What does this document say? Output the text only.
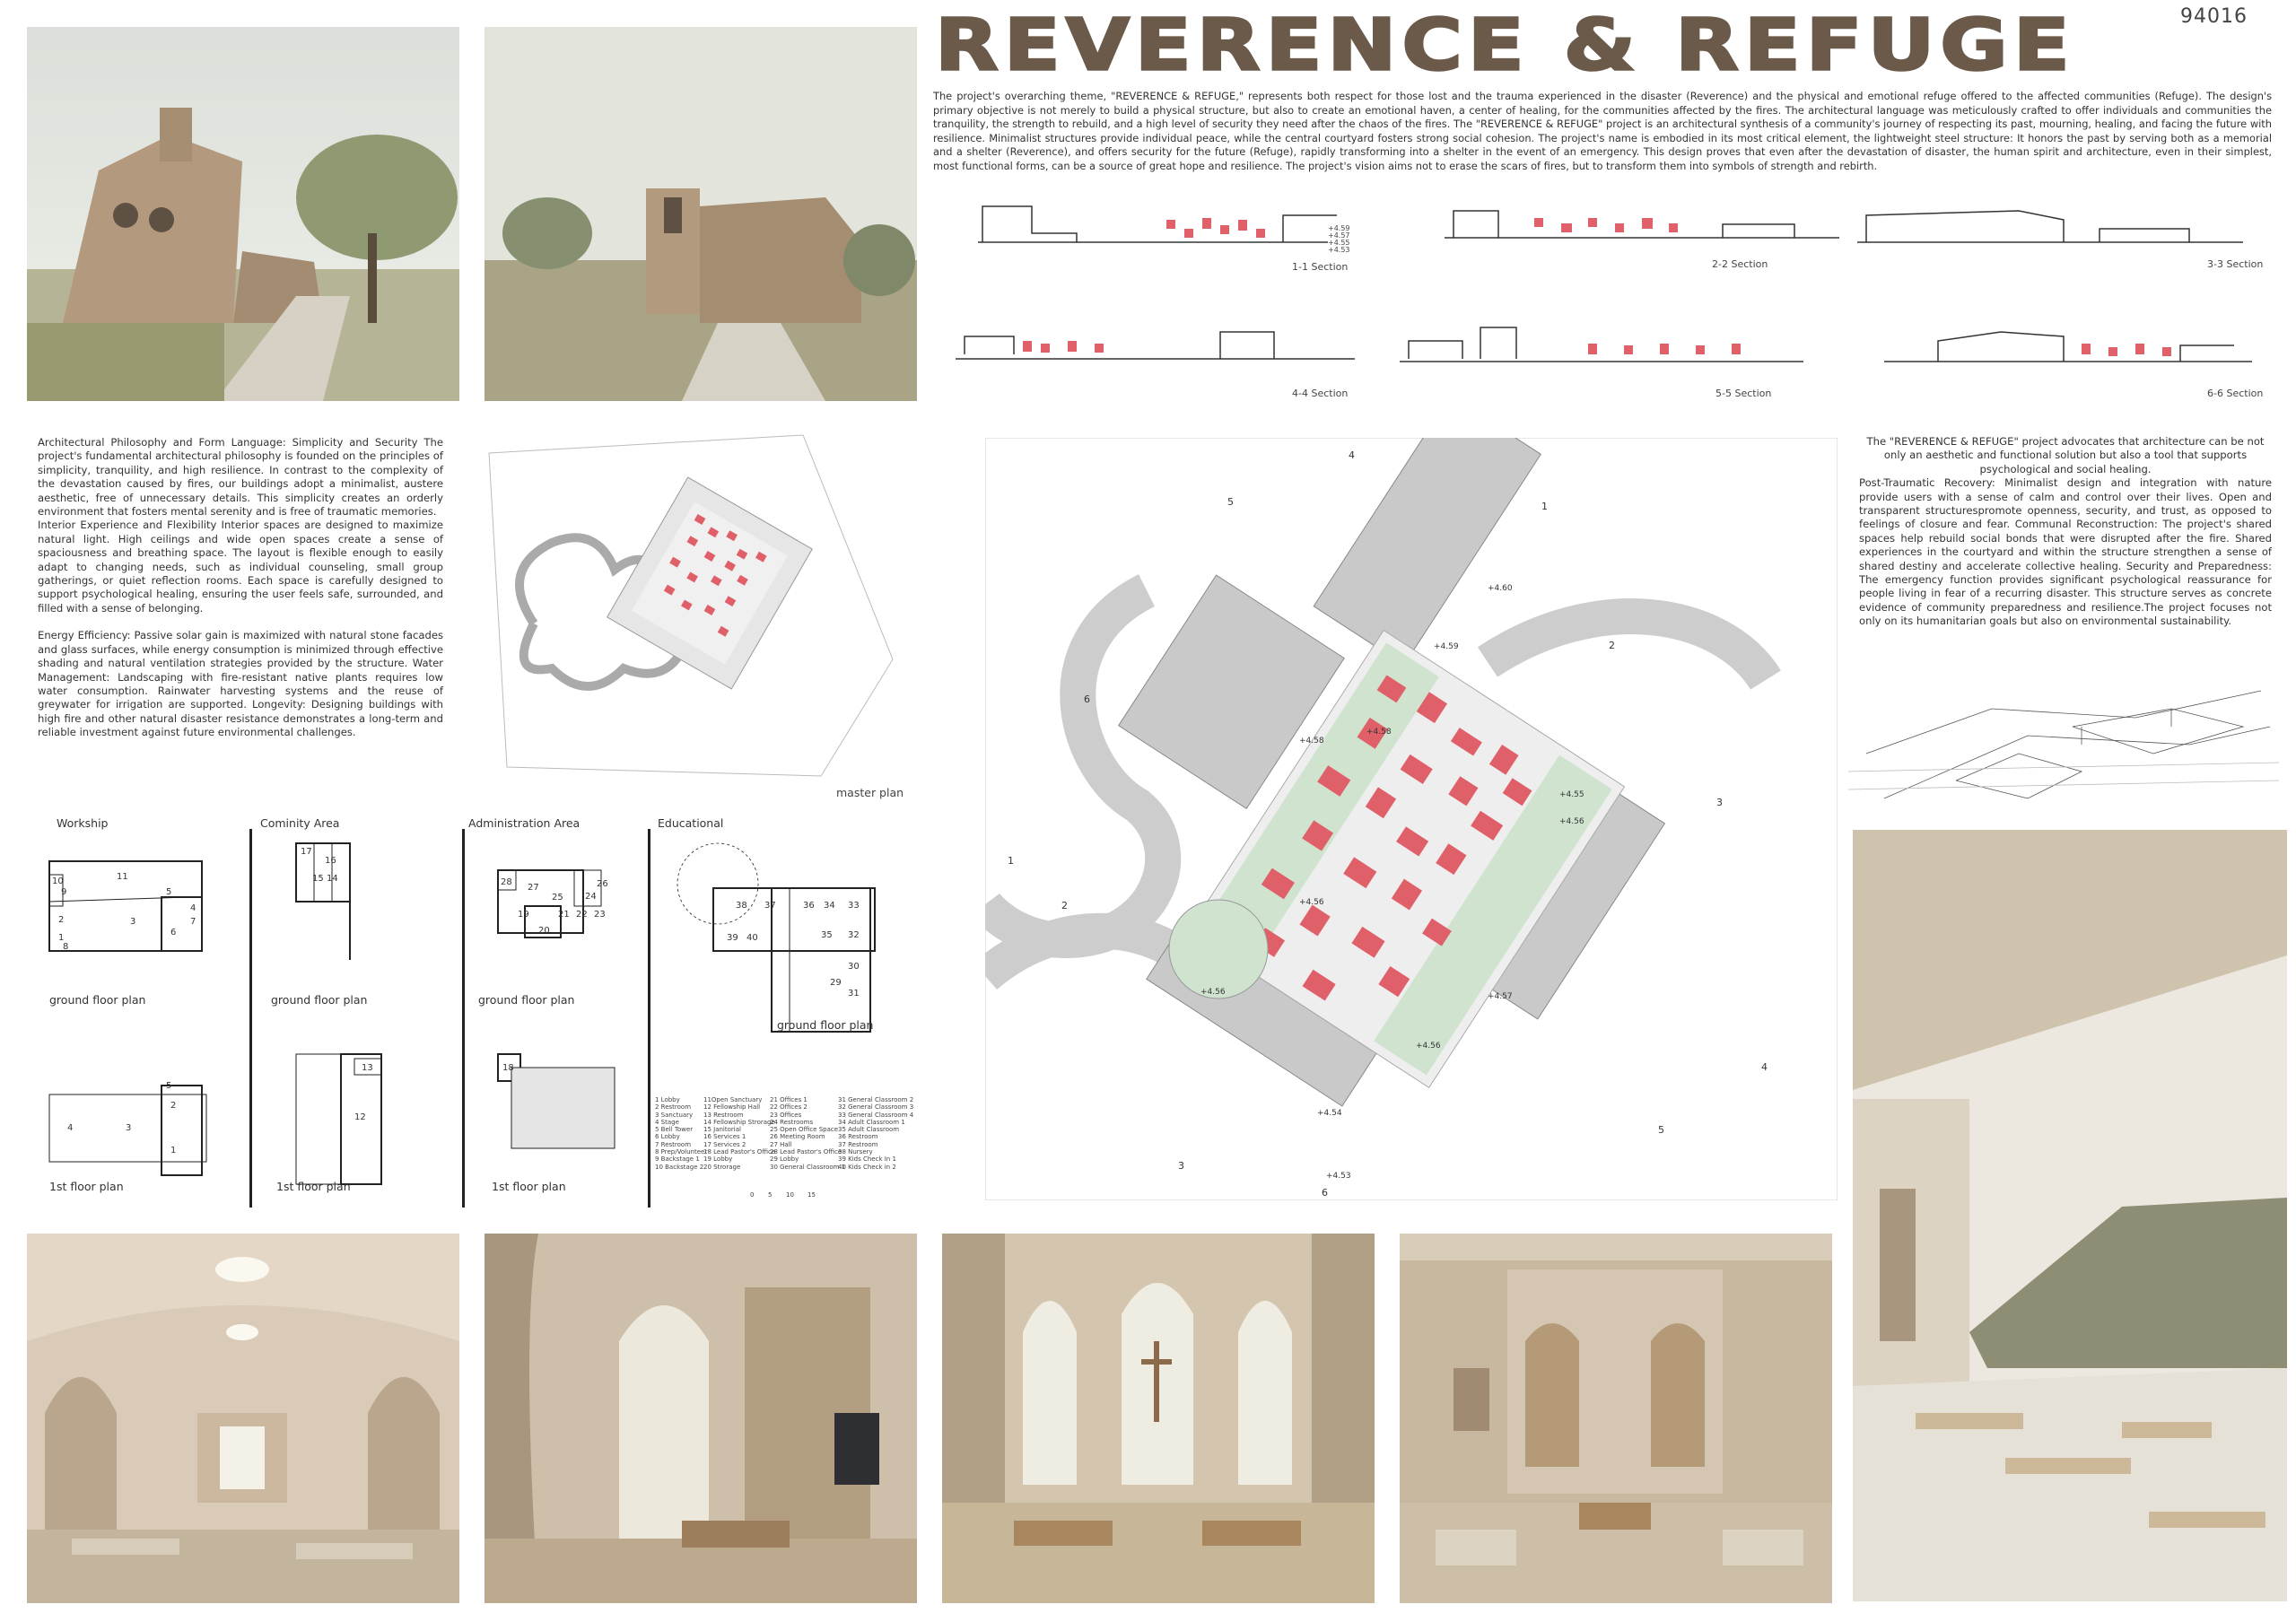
94016
REVERENCE & REFUGE
The project's overarching theme, "REVERENCE & REFUGE," represents both respect for those lost and the trauma experienced in the disaster (Reverence) and the physical and emotional refuge offered to the affected communities (Refuge). The design's primary objective is not merely to build a physical structure, but also to create an emotional haven, a center of healing, for the communities affected by the fires. The architectural language was meticulously crafted to offer individuals and communities the tranquility, the strength to rebuild, and a high level of security they need after the chaos of the fires. The "REVERENCE & REFUGE" project is an architectural synthesis of a community's journey of respecting its past, mourning, healing, and facing the future with resilience. Minimalist structures provide individual peace, while the central courtyard fosters strong social cohesion. The project's name is embodied in its most critical element, the lightweight steel structure: It honors the past by serving both as a memorial and a shelter (Reverence), and offers security for the future (Refuge), rapidly transforming into a shelter in the event of an emergency. This design proves that even after the devastation of disaster, the human spirit and architecture, even in their simplest, most functional forms, can be a source of great hope and resilience. The project's vision aims not to erase the scars of fires, but to transform them into symbols of strength and rebirth.
1-1 Section	2-2 Section	3-3 Section
4-4 Section	5-5 Section	6-6 Section
+4.59
+4.57
+4.55
+4.53

Architectural Philosophy and Form Language: Simplicity and Security The project's fundamental architectural philosophy is founded on the principles of simplicity, tranquility, and high resilience. In contrast to the complexity of the devastation caused by fires, our buildings adopt a minimalist, austere aesthetic, free of unnecessary details. This simplicity creates an orderly environment that fosters mental serenity and is free of traumatic memories.

Interior Experience and Flexibility Interior spaces are designed to maximize natural light. High ceilings and wide open spaces create a sense of spaciousness and breathing space. The layout is flexible enough to easily adapt to changing needs, such as individual counseling, small group gatherings, or quiet reflection rooms. Each space is carefully designed to support psychological healing, ensuring the user feels safe, surrounded, and filled with a sense of belonging.

Energy Efficiency: Passive solar gain is maximized with natural stone facades and glass surfaces, while energy consumption is minimized through effective shading and natural ventilation strategies provided by the structure. Water Management: Landscaping with fire-resistant native plants requires low water consumption. Rainwater harvesting systems and the reuse of greywater for irrigation are supported. Longevity: Designing buildings with high fire and other natural disaster resistance demonstrates a long-term and reliable investment against future environmental challenges.

master plan
+4.60
+4.59
+4.58
+4.58
+4.56
+4.56
+4.57
+4.56
+4.56
+4.54
+4.53
+4.55
5	1
2
6
3
1
2
4
5
3
6
4

The "REVERENCE & REFUGE" project advocates that architecture can be not only an aesthetic and functional solution but also a tool that supports psychological and social healing.

Post-Traumatic Recovery: Minimalist design and integration with nature provide users with a sense of calm and control over their lives. Open and transparent structurespromote openness, security, and trust, as opposed to feelings of closure and fear. Communal Reconstruction: The project's shared spaces help rebuild social bonds that were disrupted after the fire. Shared experiences in the courtyard and within the structure strengthen a sense of shared destiny and accelerate collective healing. Security and Preparedness: The emergency function provides significant psychological reassurance for people living in fear of a recurring disaster. This structure serves as concrete evidence of community preparedness and resilience.The project focuses not only on its humanitarian goals but also on environmental sustainability.

Workship	Cominity Area	Administration Area	Educational
11
10
9	5
2	3	7
4
6
1
8
5
4	3
2
1
17
16
15 14
13
12
28
27	26
25 24
19	21 22 23
20
18
38 37	36 34 33
39 40	35 32
30
29
31
ground floor plan
1st floor plan
ground floor plan
1st floor plan
ground floor plan
1st floor plan
ground floor plan
1 Lobby
2 Restroom
3 Sanctuary
4 Stage
5 Bell Tower
6 Lobby
7 Restroom
8 Prep/Volunteer
9 Backstage 1
10 Backstage 2
11Open Sanctuary
12 Fellowship Hall
13 Restroom
14 Fellowship Strorage
15 Janitorial
16 Services 1
17 Services 2
18 Lead Pastor's Office
19 Lobby
20 Strorage
21 Offices 1
22 Offices 2
23 Offices
24 Restrooms
25 Open Office Space
26 Meeting Room
27 Hall
28 Lead Pastor's Office
29 Lobby
30 General Classroom 1
31 General Classroom 2
32 General Classroom 3
33 General Classroom 4
34 Adult Classroom 1
35 Adult Classroom
36 Restroom
37 Restroom
38 Nursery
39 Kids Check In 1
40 Kids Check in 2
0 5 10 15
